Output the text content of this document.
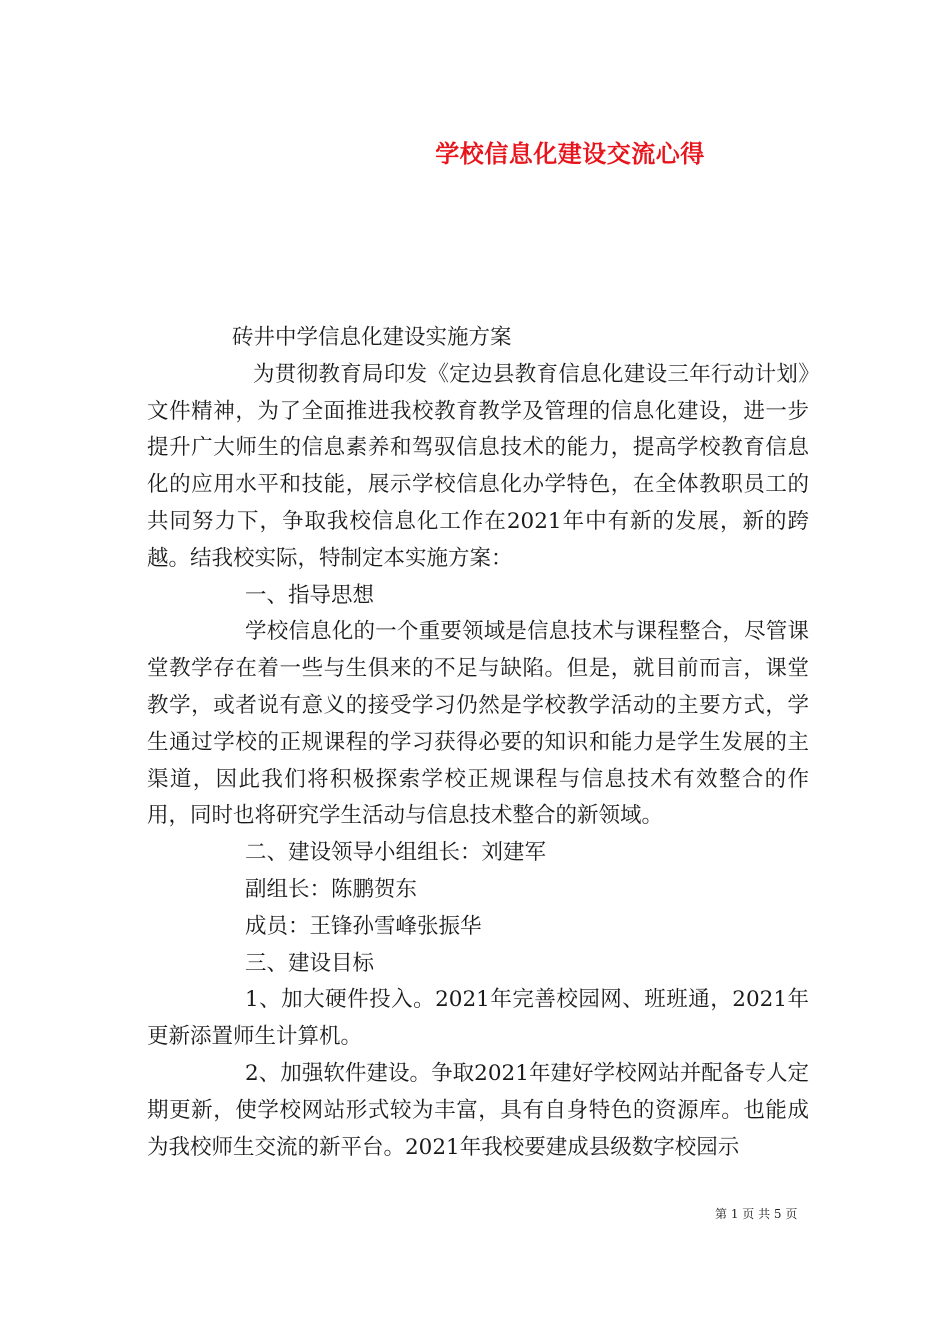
学校信息化建设交流心得

砖井中学信息化建设实施方案

为贯彻教育局印发《定边县教育信息化建设三年行动计划》文件精神，为了全面推进我校教育教学及管理的信息化建设，进一步提升广大师生的信息素养和驾驭信息技术的能力，提高学校教育信息化的应用水平和技能，展示学校信息化办学特色，在全体教职员工的共同努力下，争取我校信息化工作在2021年中有新的发展，新的跨越。结我校实际，特制定本实施方案：

一、指导思想

学校信息化的一个重要领域是信息技术与课程整合，尽管课堂教学存在着一些与生俱来的不足与缺陷。但是，就目前而言，课堂教学，或者说有意义的接受学习仍然是学校教学活动的主要方式，学生通过学校的正规课程的学习获得必要的知识和能力是学生发展的主渠道，因此我们将积极探索学校正规课程与信息技术有效整合的作用，同时也将研究学生活动与信息技术整合的新领域。

二、建设领导小组组长：刘建军

副组长：陈鹏贺东

成员：王锋孙雪峰张振华

三、建设目标

1、加大硬件投入。2021年完善校园网、班班通，2021年更新添置师生计算机。

2、加强软件建设。争取2021年建好学校网站并配备专人定期更新，使学校网站形式较为丰富，具有自身特色的资源库。也能成为我校师生交流的新平台。2021年我校要建成县级数字校园示

第 1 页 共 5 页
